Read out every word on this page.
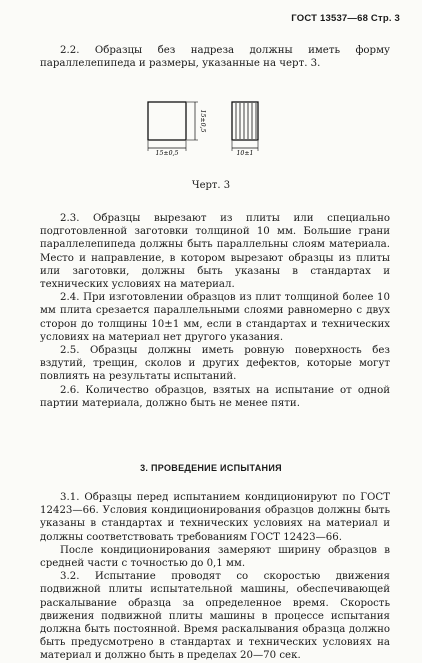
ГОСТ 13537—68 Стр. 3

2.2. Образцы без надреза должны иметь форму параллелепипеда и размеры, указанные на черт. 3.

15±0,5
15±0,5	10±1
Черт. 3

2.3. Образцы вырезают из плиты или специально подготовленной заготовки толщиной 10 мм. Большие грани параллелепипеда должны быть параллельны слоям материала. Место и направление, в котором вырезают образцы из плиты или заготовки, должны быть указаны в стандартах и технических условиях на материал.

2.4. При изготовлении образцов из плит толщиной более 10 мм плита срезается параллельными слоями равномерно с двух сторон до толщины 10±1 мм, если в стандартах и технических условиях на материал нет другого указания.

2.5. Образцы должны иметь ровную поверхность без вздутий, трещин, сколов и других дефектов, которые могут повлиять на результаты испытаний.

2.6. Количество образцов, взятых на испытание от одной партии материала, должно быть не менее пяти.

3. ПРОВЕДЕНИЕ ИСПЫТАНИЯ

3.1. Образцы перед испытанием кондиционируют по ГОСТ 12423—66. Условия кондиционирования образцов должны быть указаны в стандартах и технических условиях на материал и должны соответствовать требованиям ГОСТ 12423—66.

После кондиционирования замеряют ширину образцов в средней части с точностью до 0,1 мм.

3.2. Испытание проводят со скоростью движения подвижной плиты испытательной машины, обеспечивающей раскалывание образца за определенное время. Скорость движения подвижной плиты машины в процессе испытания должна быть постоянной. Время раскалывания образца должно быть предусмотрено в стандартах и технических условиях на материал и должно быть в пределах 20—70 сек.
